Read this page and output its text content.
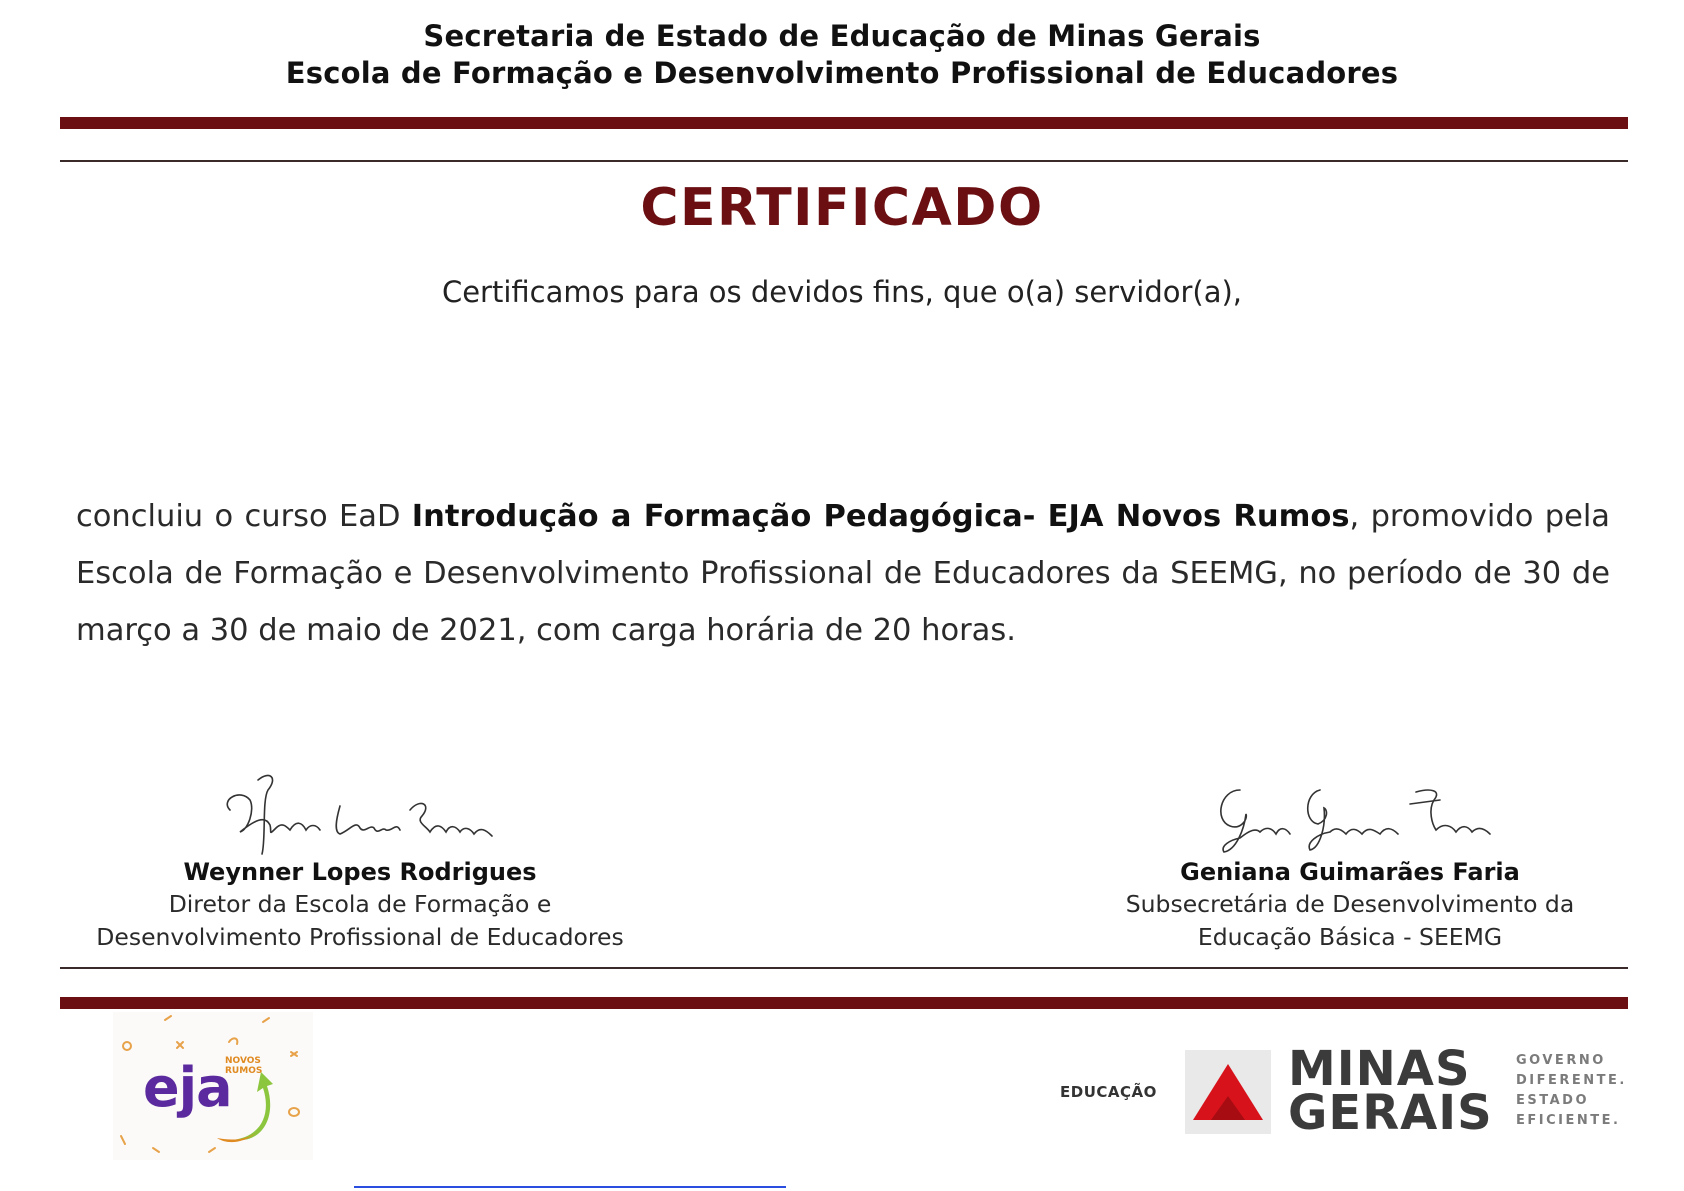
Secretaria de Estado de Educação de Minas Gerais
Escola de Formação e Desenvolvimento Profissional de Educadores
CERTIFICADO
Certificamos para os devidos fins, que o(a) servidor(a),
concluiu o curso EaD Introdução a Formação Pedagógica- EJA Novos Rumos, promovido pela Escola de Formação e Desenvolvimento Profissional de Educadores da SEEMG, no período de 30 de março a 30 de maio de 2021, com carga horária de 20 horas.
Weynner Lopes Rodrigues
Diretor da Escola de Formação e
Desenvolvimento Profissional de Educadores
Geniana Guimarães Faria
Subsecretária de Desenvolvimento da
Educação Básica - SEEMG
eja
NOVOS
RUMOS
EDUCAÇÃO	MINAS
GERAIS
GOVERNO
DIFERENTE.
ESTADO
EFICIENTE.
